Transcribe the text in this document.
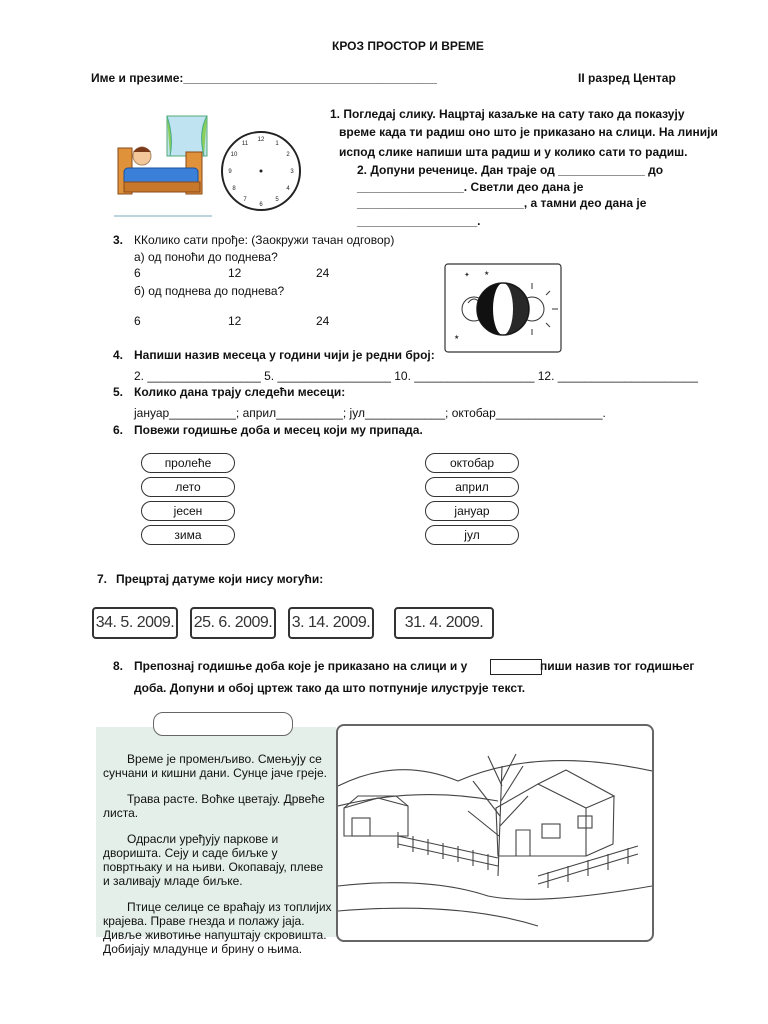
КРОЗ ПРОСТОР И ВРЕМЕ
Име и презиме:______________________________________	II разред Центар
12
1
2
3
4
5
6
7
8
9
10
11
1. Погледај слику. Нацртај казаљке на сату тако да показују
време када ти радиш оно што је приказано на слици. На линији
испод слике напиши шта радиш и у колико сати то радиш.
2. Допуни реченице. Дан траје од _____________ до
________________. Светли део дана је
_________________________, а тамни део дана је
__________________.
3. ККолико сати прође: (Заокружи тачан одговор)
а) од поноћи до поднева?
6	12	24
б) од поднева до поднева?
6	12	24
✦ ★
★
4. Напиши назив месеца у години чији је редни број:
2. _________________ 5. _________________ 10. __________________ 12. _____________________
5. Колико дана трају следећи месеци:
јануар__________; април__________; јул____________; октобар________________.
6. Повежи годишње доба и месец који му припада.
пролеће
лето
јесен
зима
октобар
април
јануар
јул
7. Прецртај датуме који нису могући:
34. 5. 2009. 25. 6. 2009. 3. 14. 2009.	31. 4. 2009.
8. Препознај годишње доба које је приказано на слици и у	пиши назив тог годишњег
доба. Допуни и обој цртеж тако да што потпуније илуструје текст.

Време је променљиво. Смењују се сунчани и кишни дани. Сунце јаче греје.

Трава расте. Воћке цветају. Дрвеће листа.

Одрасли уређују паркове и дворишта. Сеју и саде биљке у повртњаку и на њиви. Окопавају, плеве и заливају младе биљке.

Птице селице се враћају из топлијих крајева. Праве гнезда и полажу јаја. Дивље животиње напуштају скровишта. Добијају младунце и брину о њима.
